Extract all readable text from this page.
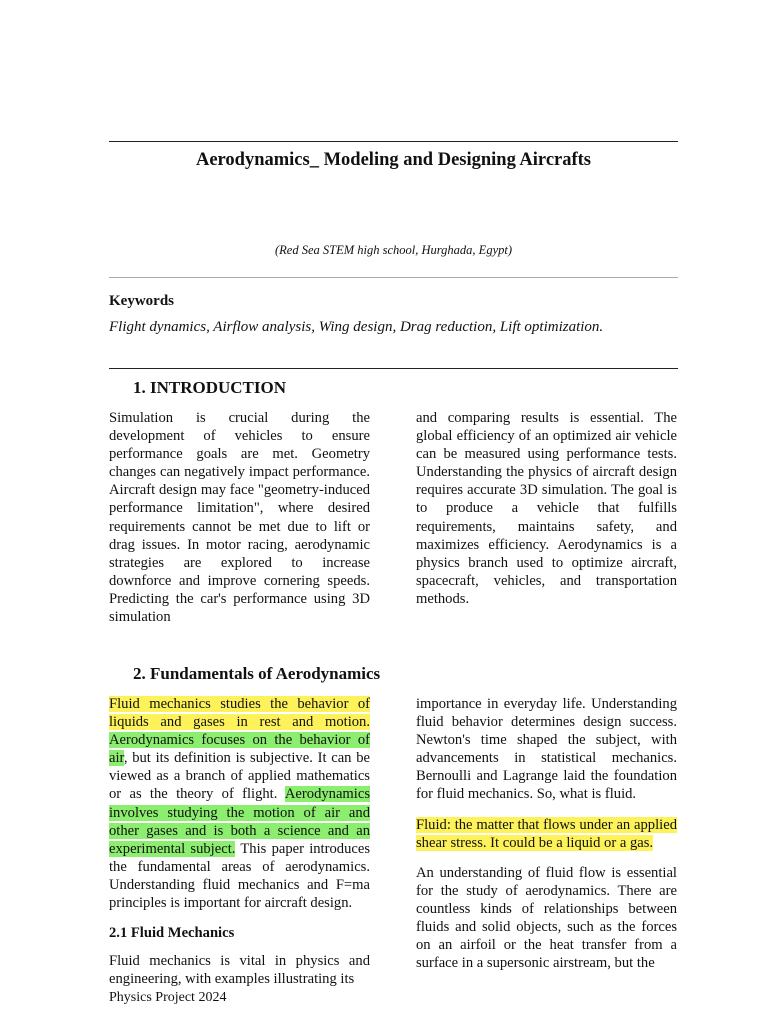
Aerodynamics_ Modeling and Designing Aircrafts
(Red Sea STEM high school, Hurghada, Egypt)
Keywords
Flight dynamics, Airflow analysis, Wing design, Drag reduction, Lift optimization.
1. INTRODUCTION

Simulation is crucial during the development of vehicles to ensure performance goals are met. Geometry changes can negatively impact performance. Aircraft design may face "geometry-induced performance limitation", where desired requirements cannot be met due to lift or drag issues. In motor racing, aerodynamic strategies are explored to increase downforce and improve cornering speeds. Predicting the car's performance using 3D simulation

and comparing results is essential. The global efficiency of an optimized air vehicle can be measured using performance tests. Understanding the physics of aircraft design requires accurate 3D simulation. The goal is to produce a vehicle that fulfills requirements, maintains safety, and maximizes efficiency. Aerodynamics is a physics branch used to optimize aircraft, spacecraft, vehicles, and transportation methods.

2. Fundamentals of Aerodynamics

Fluid mechanics studies the behavior of liquids and gases in rest and motion. Aerodynamics focuses on the behavior of air, but its definition is subjective. It can be viewed as a branch of applied mathematics or as the theory of flight. Aerodynamics involves studying the motion of air and other gases and is both a science and an experimental subject. This paper introduces the fundamental areas of aerodynamics. Understanding fluid mechanics and F=ma principles is important for aircraft design.

2.1 Fluid Mechanics

Fluid mechanics is vital in physics and engineering, with examples illustrating its

importance in everyday life. Understanding fluid behavior determines design success. Newton's time shaped the subject, with advancements in statistical mechanics. Bernoulli and Lagrange laid the foundation for fluid mechanics. So, what is fluid.

Fluid: the matter that flows under an applied shear stress. It could be a liquid or a gas.

An understanding of fluid flow is essential for the study of aerodynamics. There are countless kinds of relationships between fluids and solid objects, such as the forces on an airfoil or the heat transfer from a surface in a supersonic airstream, but the

Physics Project 2024
